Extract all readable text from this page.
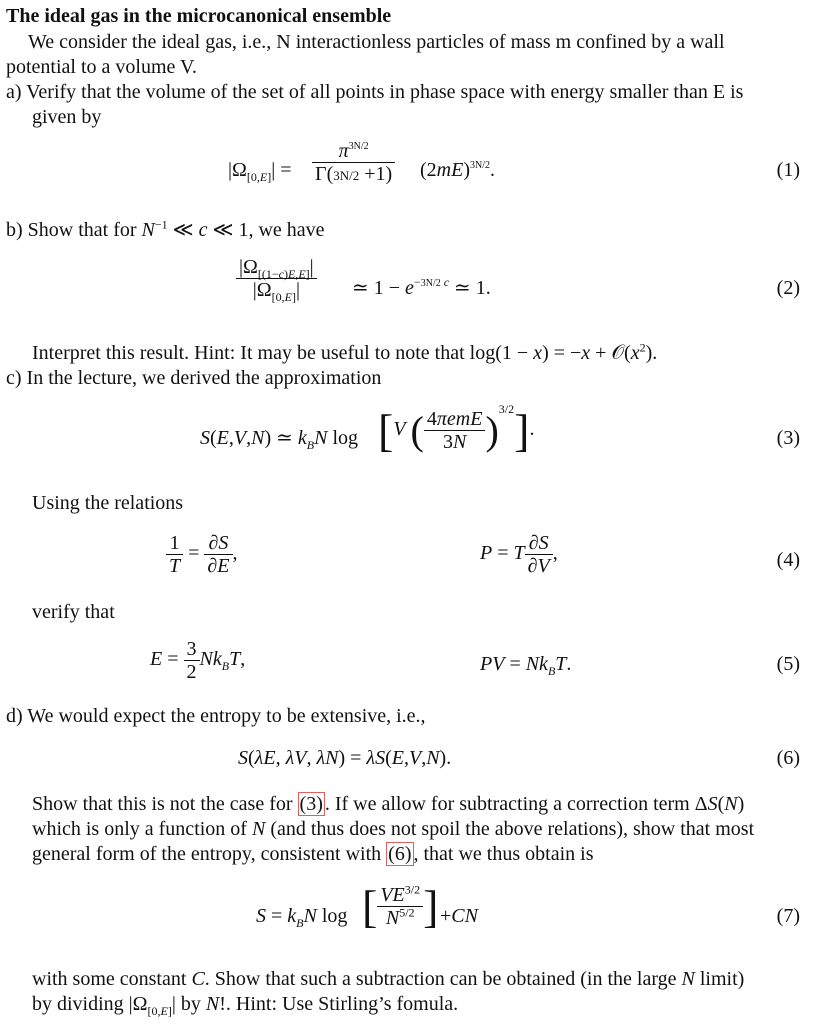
The ideal gas in the microcanonical ensemble
We consider the ideal gas, i.e., N interactionless particles of mass m confined by a wall
potential to a volume V.
a) Verify that the volume of the set of all points in phase space with energy smaller than E is
given by
$|\Omega_{[0,E]}| = \frac{\pi^{3N/2}}{\Gamma(3N/2 +1)} (2mE)^{3N/2}$.	(1)
b) Show that for $N^{-1}$ ≪ c ≪ 1, we have
$\frac{|\Omega_{[(1-c)E,E]}|}{|\Omega_{[0,E]}|}$ ≃ $1 - e^{-3N/2 c}$ ≃ 1.	(2)
Interpret this result. Hint: It may be useful to note that $\log(1 - x) = -x + 𝒪(x^2)$.
c) In the lecture, we derived the approximation
S(E,V,N) ≃ $k_BN$ log [V ( $\frac{\text{4πemE}}{3N} )^{3/2}$].	(3)
Using the relations
$\frac{1}{T} = \frac{\partial S}{\partial E}$ ,	P = T $\frac{\partial S}{\partial V}$ ,	(4)
verify that
$E = \frac{3}{2} Nk_BT$,	PV = $Nk_BT$.	(5)
d) We would expect the entropy to be extensive, i.e.,
S(λE, λV, λN) = λS(E,V,N).	(6)
Show that this is not the case for (3) . If we allow for subtracting a correction term ΔS(N)
which is only a function of N (and thus does not spoil the above relations), show that most
general form of the entropy, consistent with (6) , that we thus obtain is
$S = k_BN$ log [ $\frac{VE^{3/2}}{N^{5/2}}$ ] +CN	(7)
with some constant C. Show that such a subtraction can be obtained (in the large N limit)
by dividing $|\Omega_{[0,E]}|$ by N!. Hint: Use Stirling’s fomula.
